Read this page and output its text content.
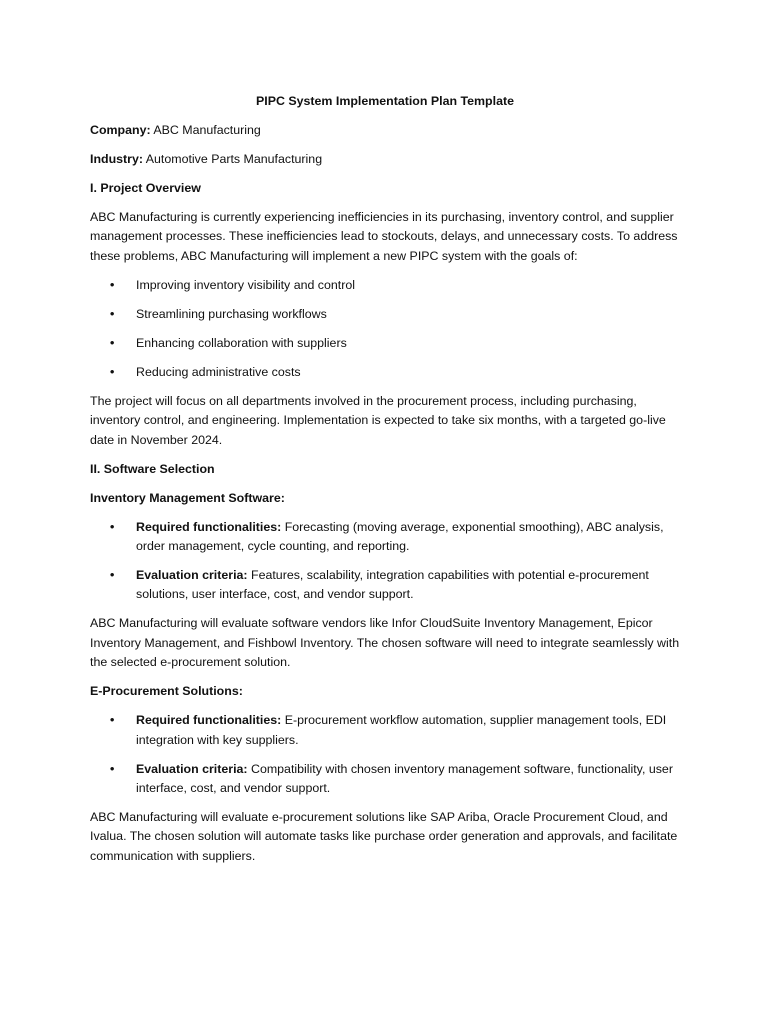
PIPC System Implementation Plan Template
Company: ABC Manufacturing
Industry: Automotive Parts Manufacturing
I. Project Overview
ABC Manufacturing is currently experiencing inefficiencies in its purchasing, inventory control, and supplier management processes. These inefficiencies lead to stockouts, delays, and unnecessary costs. To address these problems, ABC Manufacturing will implement a new PIPC system with the goals of:
• Improving inventory visibility and control
• Streamlining purchasing workflows
• Enhancing collaboration with suppliers
• Reducing administrative costs
The project will focus on all departments involved in the procurement process, including purchasing, inventory control, and engineering. Implementation is expected to take six months, with a targeted go-live date in November 2024.
II. Software Selection
Inventory Management Software:
• Required functionalities: Forecasting (moving average, exponential smoothing), ABC analysis, order management, cycle counting, and reporting.
• Evaluation criteria: Features, scalability, integration capabilities with potential e-procurement solutions, user interface, cost, and vendor support.
ABC Manufacturing will evaluate software vendors like Infor CloudSuite Inventory Management, Epicor Inventory Management, and Fishbowl Inventory. The chosen software will need to integrate seamlessly with the selected e-procurement solution.
E-Procurement Solutions:
• Required functionalities: E-procurement workflow automation, supplier management tools, EDI integration with key suppliers.
• Evaluation criteria: Compatibility with chosen inventory management software, functionality, user interface, cost, and vendor support.
ABC Manufacturing will evaluate e-procurement solutions like SAP Ariba, Oracle Procurement Cloud, and Ivalua. The chosen solution will automate tasks like purchase order generation and approvals, and facilitate communication with suppliers.
